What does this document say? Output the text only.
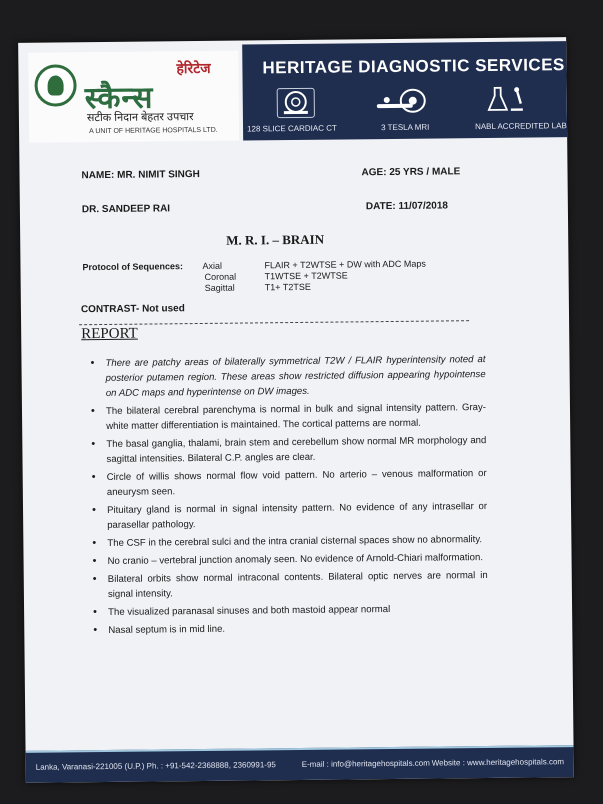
हेरिटेज
स्कैन्स
सटीक निदान बेहतर उपचार
A UNIT OF HERITAGE HOSPITALS LTD.
HERITAGE DIAGNOSTIC SERVICES
128 SLICE CARDIAC CT	3 TESLA MRI	NABL ACCREDITED LAB
NAME: MR. NIMIT SINGH	AGE: 25 YRS / MALE
DR. SANDEEP RAI	DATE: 11/07/2018
M. R. I. – BRAIN
Protocol of Sequences: Axial	FLAIR + T2WTSE + DW with ADC Maps
Coronal	T1WTSE + T2WTSE
Sagittal	T1+ T2TSE
CONTRAST- Not used
REPORT
• There are patchy areas of bilaterally symmetrical T2W / FLAIR hyperintensity noted at posterior putamen region. These areas show restricted diffusion appearing hypointense on ADC maps and hyperintense on DW images.
• The bilateral cerebral parenchyma is normal in bulk and signal intensity pattern. Gray- white matter differentiation is maintained. The cortical patterns are normal.
• The basal ganglia, thalami, brain stem and cerebellum show normal MR morphology and sagittal intensities. Bilateral C.P. angles are clear.
• Circle of willis shows normal flow void pattern. No arterio – venous malformation or aneurysm seen.
• Pituitary gland is normal in signal intensity pattern. No evidence of any intrasellar or parasellar pathology.
• The CSF in the cerebral sulci and the intra cranial cisternal spaces show no abnormality.
• No cranio – vertebral junction anomaly seen. No evidence of Arnold-Chiari malformation.
• Bilateral orbits show normal intraconal contents. Bilateral optic nerves are normal in signal intensity.
• The visualized paranasal sinuses and both mastoid appear normal
• Nasal septum is in mid line.
Lanka, Varanasi-221005 (U.P.) Ph. : +91-542-2368888, 2360991-95	E-mail : info@heritagehospitals.com Website : www.heritagehospitals.com
